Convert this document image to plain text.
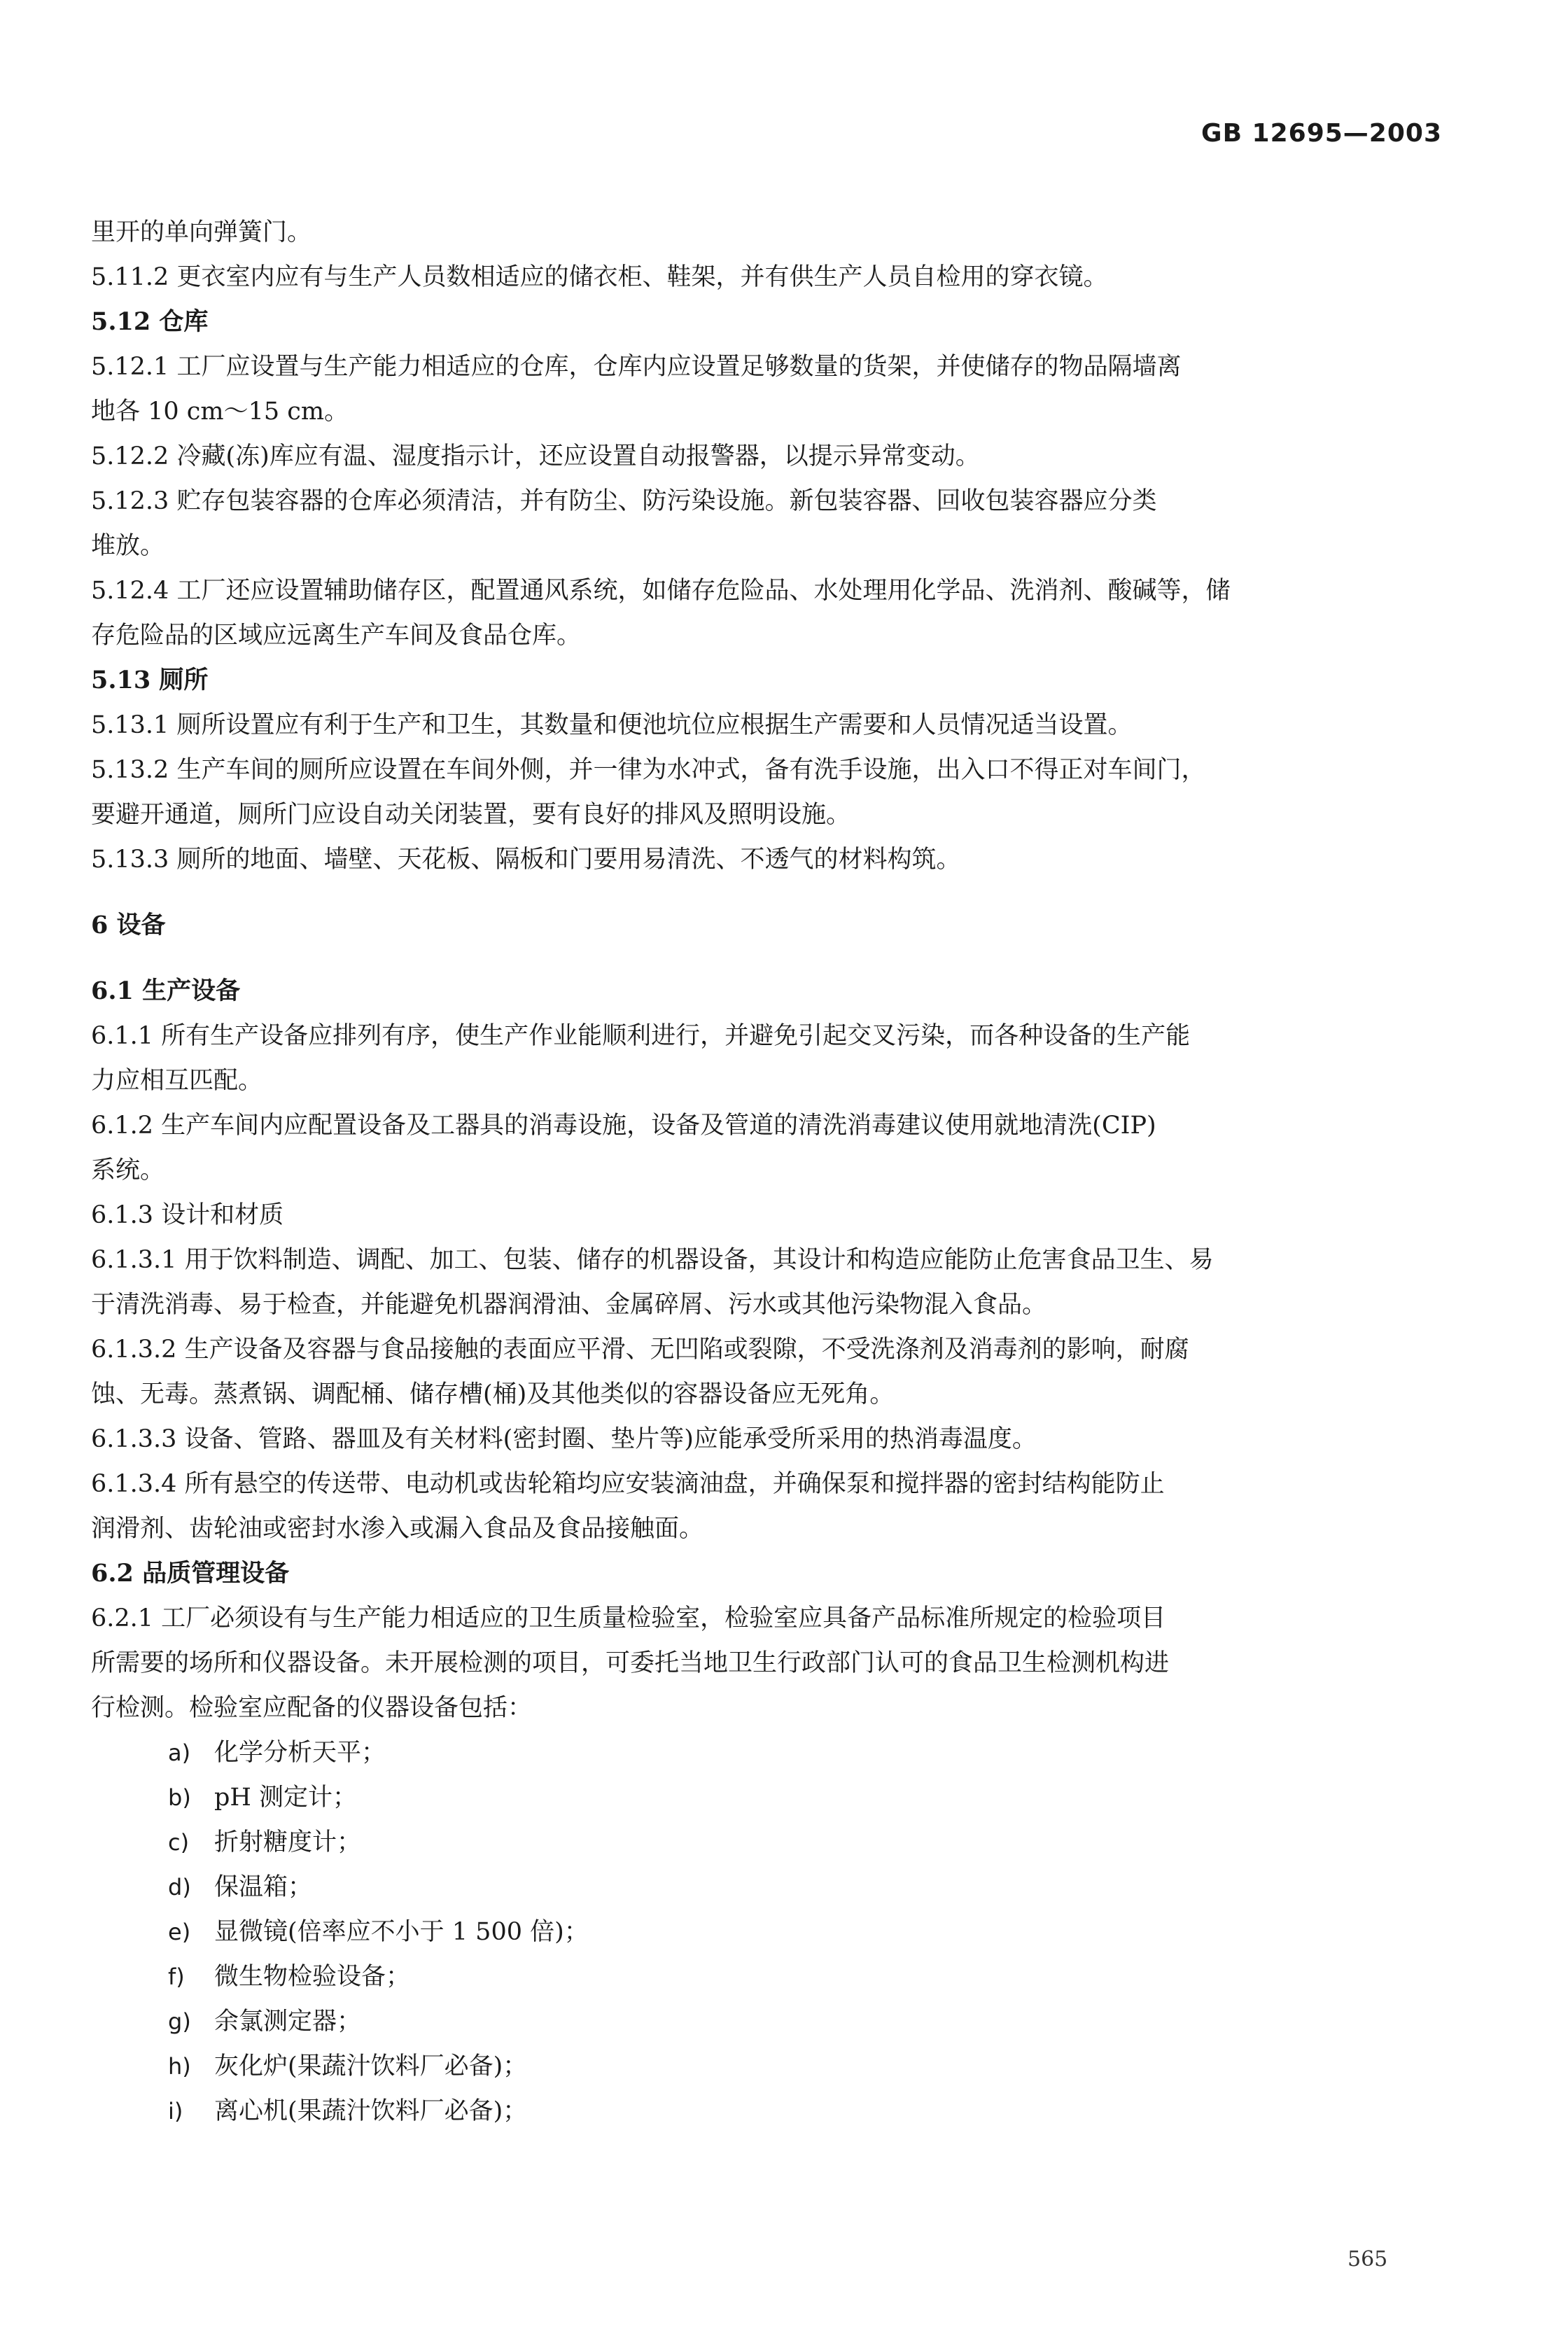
GB 12695—2003
里开的单向弹簧门。
5.11.2 更衣室内应有与生产人员数相适应的储衣柜、鞋架，并有供生产人员自检用的穿衣镜。
5.12 仓库
5.12.1 工厂应设置与生产能力相适应的仓库，仓库内应设置足够数量的货架，并使储存的物品隔墙离
地各 10 cm～15 cm。
5.12.2 冷藏(冻)库应有温、湿度指示计，还应设置自动报警器，以提示异常变动。
5.12.3 贮存包装容器的仓库必须清洁，并有防尘、防污染设施。新包装容器、回收包装容器应分类
堆放。
5.12.4 工厂还应设置辅助储存区，配置通风系统，如储存危险品、水处理用化学品、洗消剂、酸碱等，储
存危险品的区域应远离生产车间及食品仓库。
5.13 厕所
5.13.1 厕所设置应有利于生产和卫生，其数量和便池坑位应根据生产需要和人员情况适当设置。
5.13.2 生产车间的厕所应设置在车间外侧，并一律为水冲式，备有洗手设施，出入口不得正对车间门，
要避开通道，厕所门应设自动关闭装置，要有良好的排风及照明设施。
5.13.3 厕所的地面、墙壁、天花板、隔板和门要用易清洗、不透气的材料构筑。
6 设备
6.1 生产设备
6.1.1 所有生产设备应排列有序，使生产作业能顺利进行，并避免引起交叉污染，而各种设备的生产能
力应相互匹配。
6.1.2 生产车间内应配置设备及工器具的消毒设施，设备及管道的清洗消毒建议使用就地清洗(CIP)
系统。
6.1.3 设计和材质
6.1.3.1 用于饮料制造、调配、加工、包装、储存的机器设备，其设计和构造应能防止危害食品卫生、易
于清洗消毒、易于检查，并能避免机器润滑油、金属碎屑、污水或其他污染物混入食品。
6.1.3.2 生产设备及容器与食品接触的表面应平滑、无凹陷或裂隙，不受洗涤剂及消毒剂的影响，耐腐
蚀、无毒。蒸煮锅、调配桶、储存槽(桶)及其他类似的容器设备应无死角。
6.1.3.3 设备、管路、器皿及有关材料(密封圈、垫片等)应能承受所采用的热消毒温度。
6.1.3.4 所有悬空的传送带、电动机或齿轮箱均应安装滴油盘，并确保泵和搅拌器的密封结构能防止
润滑剂、齿轮油或密封水渗入或漏入食品及食品接触面。
6.2 品质管理设备
6.2.1 工厂必须设有与生产能力相适应的卫生质量检验室，检验室应具备产品标准所规定的检验项目
所需要的场所和仪器设备。未开展检测的项目，可委托当地卫生行政部门认可的食品卫生检测机构进
行检测。检验室应配备的仪器设备包括：
a) 化学分析天平；
b) pH 测定计；
c) 折射糖度计；
d) 保温箱；
e) 显微镜(倍率应不小于 1 500 倍)；
f) 微生物检验设备；
g) 余氯测定器；
h) 灰化炉(果蔬汁饮料厂必备)；
i) 离心机(果蔬汁饮料厂必备)；
565
